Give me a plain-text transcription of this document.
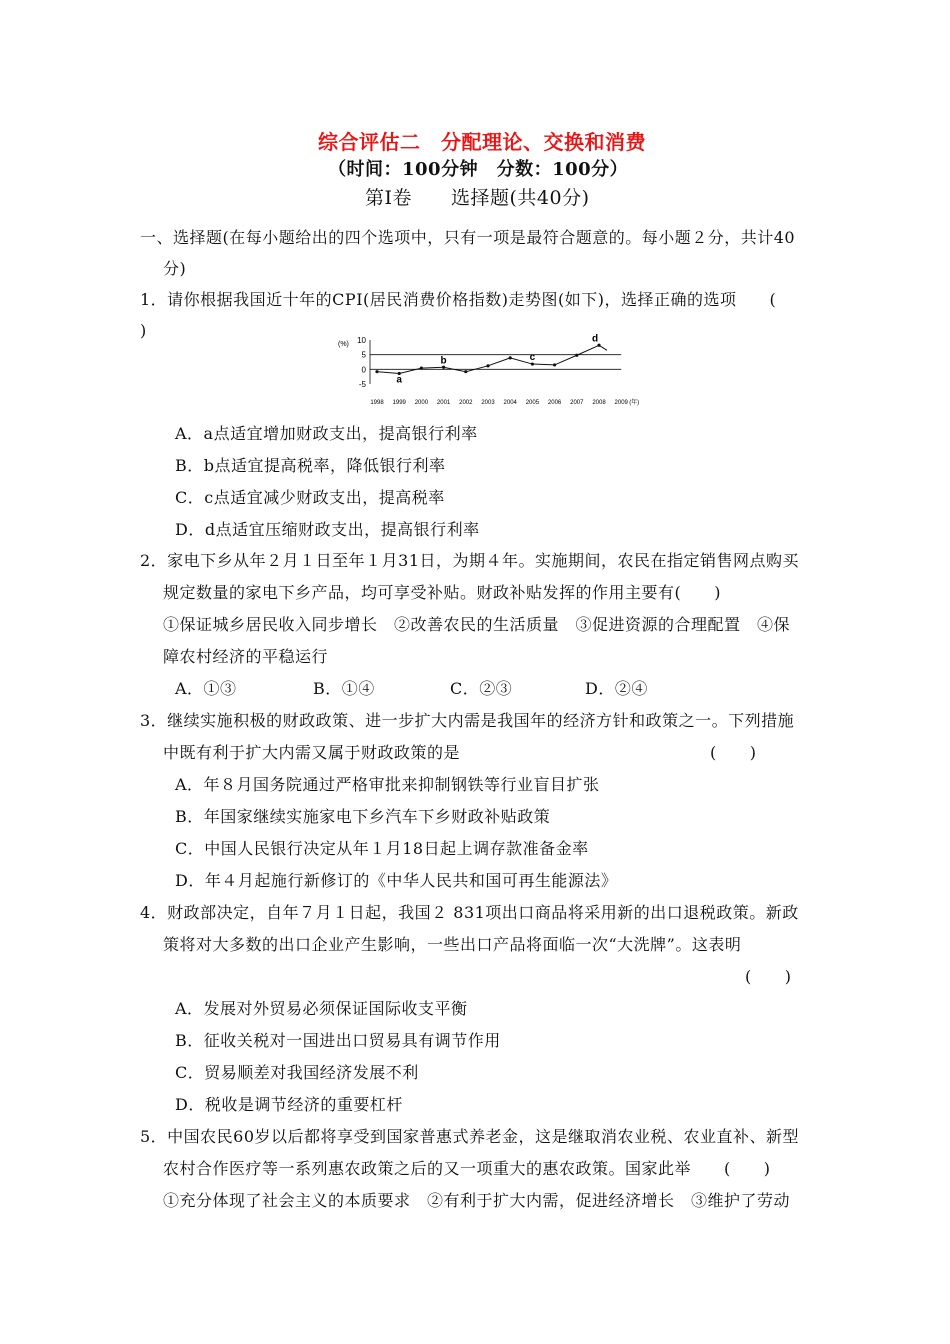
综合评估二　分配理论、交换和消费
（时间：100分钟　分数：100分）
第Ⅰ卷　　选择题(共40分)
一、选择题(在每小题给出的四个选项中，只有一项是最符合题意的。每小题２分，共计40
分)
1．请你根据我国近十年的CPI(居民消费价格指数)走势图(如下)，选择正确的选项　　(
)
(%) 10
5
0
-5	a
b	c
d
1998 1999 2000 2001 2002 2003 2004 2005 2006 2007 2008 2009 (年)
A．a点适宜增加财政支出，提高银行利率
B．b点适宜提高税率，降低银行利率
C．c点适宜减少财政支出，提高税率
D．d点适宜压缩财政支出，提高银行利率
2．家电下乡从年２月１日至年１月31日，为期４年。实施期间，农民在指定销售网点购买
规定数量的家电下乡产品，均可享受补贴。财政补贴发挥的作用主要有(　　)
①保证城乡居民收入同步增长　②改善农民的生活质量　③促进资源的合理配置　④保
障农村经济的平稳运行
A．①③	B．①④	C．②③	D．②④
3．继续实施积极的财政政策、进一步扩大内需是我国年的经济方针和政策之一。下列措施
中既有利于扩大内需又属于财政政策的是	(　　)
A．年８月国务院通过严格审批来抑制钢铁等行业盲目扩张
B．年国家继续实施家电下乡汽车下乡财政补贴政策
C．中国人民银行决定从年１月18日起上调存款准备金率
D．年４月起施行新修订的《中华人民共和国可再生能源法》
4．财政部决定，自年７月１日起，我国２ 831项出口商品将采用新的出口退税政策。新政
策将对大多数的出口企业产生影响，一些出口产品将面临一次“大洗牌”。这表明
(　　)
A．发展对外贸易必须保证国际收支平衡
B．征收关税对一国进出口贸易具有调节作用
C．贸易顺差对我国经济发展不利
D．税收是调节经济的重要杠杆
5．中国农民60岁以后都将享受到国家普惠式养老金，这是继取消农业税、农业直补、新型
农村合作医疗等一系列惠农政策之后的又一项重大的惠农政策。国家此举　　(　　)
①充分体现了社会主义的本质要求　②有利于扩大内需，促进经济增长　③维护了劳动
